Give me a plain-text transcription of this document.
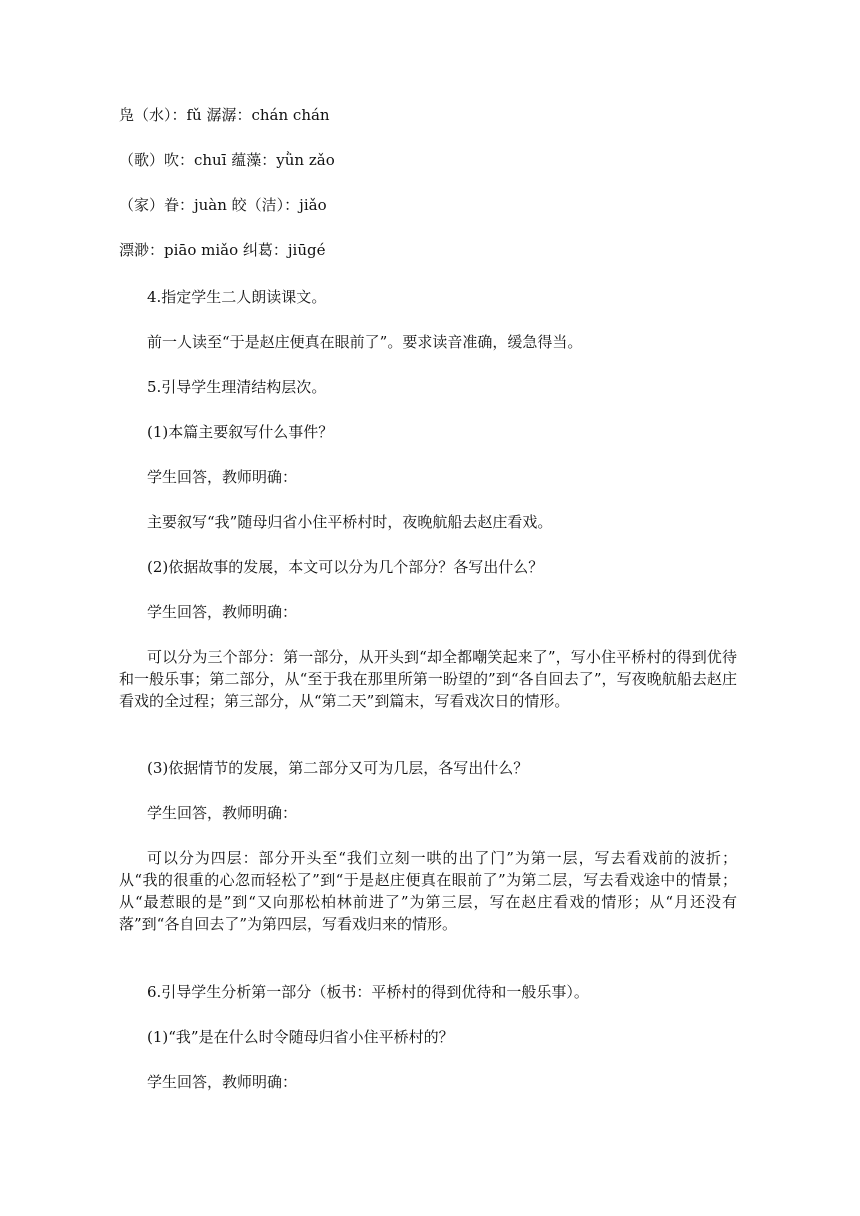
凫（水）：fǔ 潺潺：chán chán
（歌）吹：chuī 蕴藻：yǜn zǎo
（家）眷：juàn 皎（洁）：jiǎo
漂渺：piāo miǎo 纠葛：jiūgé
4.指定学生二人朗读课文。
前一人读至“于是赵庄便真在眼前了”。要求读音准确，缓急得当。
5.引导学生理清结构层次。
(1)本篇主要叙写什么事件？
学生回答，教师明确：
主要叙写“我”随母归省小住平桥村时，夜晚航船去赵庄看戏。
(2)依据故事的发展，本文可以分为几个部分？各写出什么？
学生回答，教师明确：
可以分为三个部分：第一部分，从开头到“却全都嘲笑起来了”，写小住平桥村的得到优待和一般乐事；第二部分，从“至于我在那里所第一盼望的”到“各自回去了”，写夜晚航船去赵庄看戏的全过程；第三部分，从“第二天”到篇末，写看戏次日的情形。
(3)依据情节的发展，第二部分又可为几层，各写出什么？
学生回答，教师明确：
可以分为四层：部分开头至“我们立刻一哄的出了门”为第一层，写去看戏前的波折；从“我的很重的心忽而轻松了”到“于是赵庄便真在眼前了”为第二层，写去看戏途中的情景；从“最惹眼的是”到“又向那松柏林前进了”为第三层，写在赵庄看戏的情形；从“月还没有落”到“各自回去了”为第四层，写看戏归来的情形。
6.引导学生分析第一部分（板书：平桥村的得到优待和一般乐事）。
(1)“我”是在什么时令随母归省小住平桥村的？
学生回答，教师明确：
